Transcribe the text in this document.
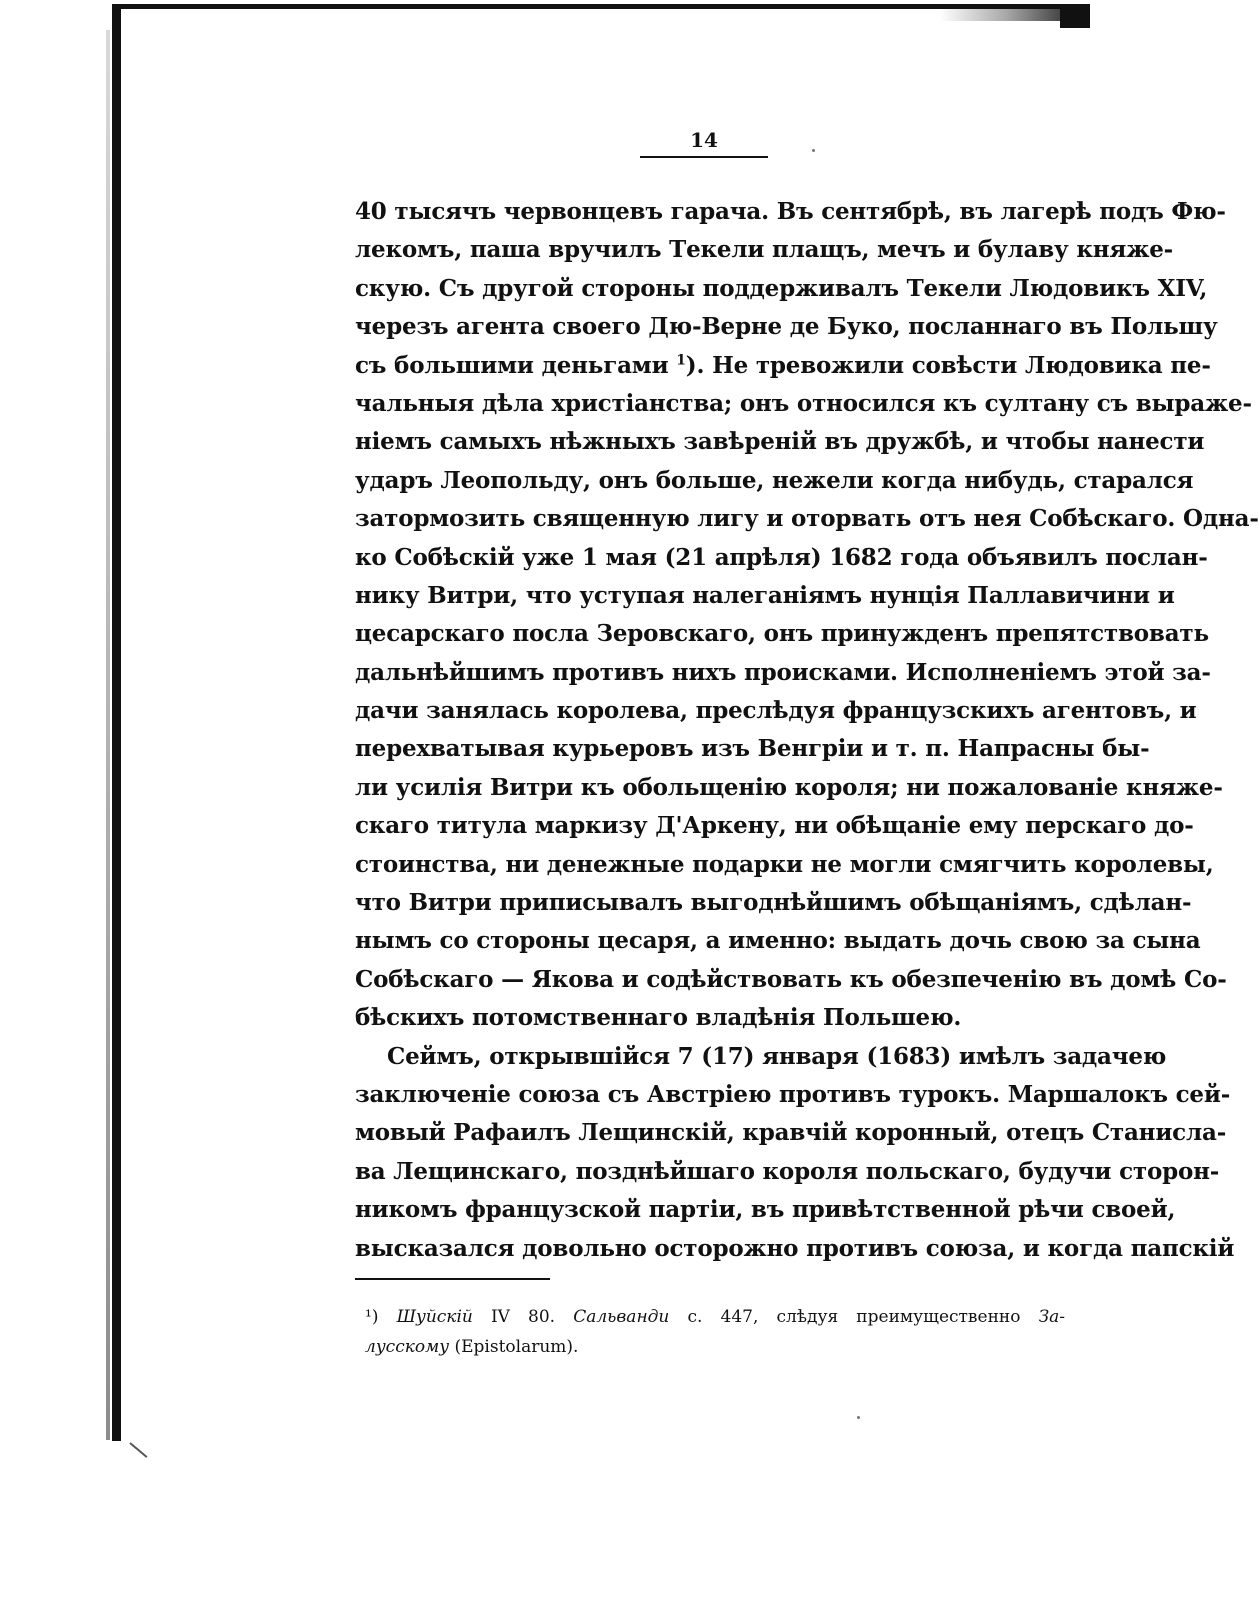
14
40 тысячъ червонцевъ гарача. Въ сентябрѣ, въ лагерѣ подъ Фю-
лекомъ, паша вручилъ Текели плащъ, мечъ и булаву княже-
скую. Съ другой стороны поддерживалъ Текели Людовикъ XIV,
черезъ агента своего Дю-Верне де Буко, посланнаго въ Польшу
съ большими деньгами $^1$). Не тревожили совѣсти Людовика пе-
чальныя дѣла христіанства; онъ относился къ султану съ выраже-
ніемъ самыхъ нѣжныхъ завѣреній въ дружбѣ, и чтобы нанести
ударъ Леопольду, онъ больше, нежели когда нибудь, старался
затормозить священную лигу и оторвать отъ нея Собѣскаго. Одна-
ко Собѣскій уже 1 мая (21 апрѣля) 1682 года объявилъ послан-
нику Витри, что уступая налеганіямъ нунція Паллавичини и
цесарскаго посла Зеровскаго, онъ принужденъ препятствовать
дальнѣйшимъ противъ нихъ происками. Исполненіемъ этой за-
дачи занялась королева, преслѣдуя французскихъ агентовъ, и
перехватывая курьеровъ изъ Венгріи и т. п. Напрасны бы-
ли усилія Витри къ обольщенію короля; ни пожалованіе княже-
скаго титула маркизу Д'Аркену, ни обѣщаніе ему перскаго до-
стоинства, ни денежные подарки не могли смягчить королевы,
что Витри приписывалъ выгоднѣйшимъ обѣщаніямъ, сдѣлан-
нымъ со стороны цесаря, а именно: выдать дочь свою за сына
Собѣскаго — Якова и содѣйствовать къ обезпеченію въ домѣ Со-
бѣскихъ потомственнаго владѣнія Польшею.
Сеймъ, открывшійся 7 (17) января (1683) имѣлъ задачею
заключеніе союза съ Австріею противъ турокъ. Маршалокъ сей-
мовый Рафаилъ Лещинскій, кравчій коронный, отецъ Станисла-
ва Лещинскаго, позднѣйшаго короля польскаго, будучи сторон-
никомъ французской партіи, въ привѣтственной рѣчи своей,
высказался довольно осторожно противъ союза, и когда папскій
¹) Шуйскій IV 80. Сальванди с. 447, слѣдуя преимущественно За-
лусскому (Epistolarum).
